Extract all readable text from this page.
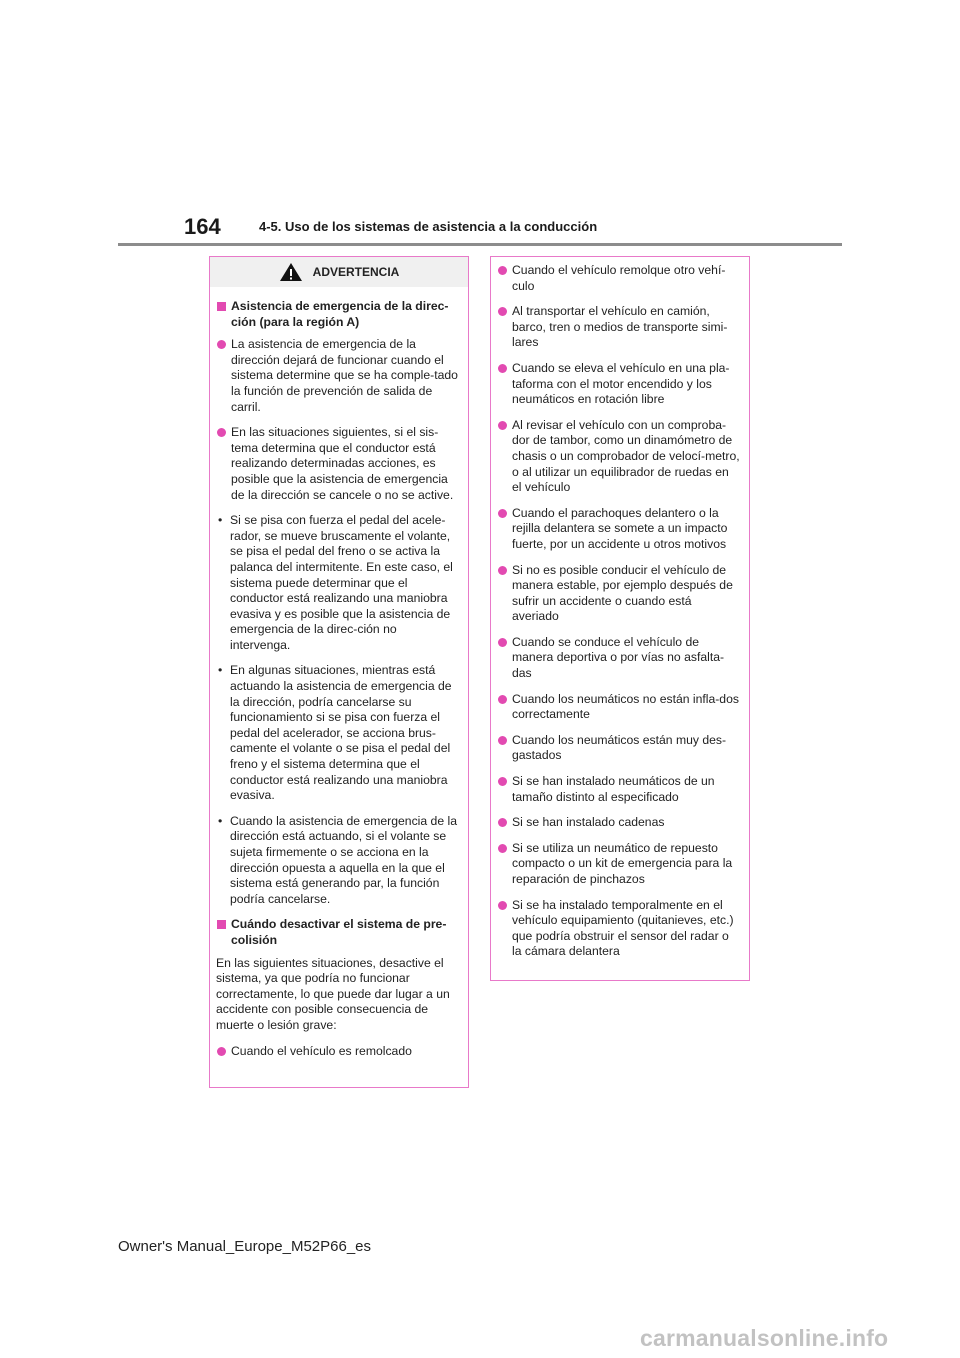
164	4-5. Uso de los sistemas de asistencia a la conducción
ADVERTENCIA
Asistencia de emergencia de la direc-ción (para la región A)
La asistencia de emergencia de la dirección dejará de funcionar cuando el sistema determine que se ha comple-tado la función de prevención de salida de carril.
En las situaciones siguientes, si el sis-tema determina que el conductor está realizando determinadas acciones, es posible que la asistencia de emergencia de la dirección se cancele o no se active.
• Si se pisa con fuerza el pedal del acele-rador, se mueve bruscamente el volante, se pisa el pedal del freno o se activa la palanca del intermitente. En este caso, el sistema puede determinar que el conductor está realizando una maniobra evasiva y es posible que la asistencia de emergencia de la direc-ción no intervenga.
• En algunas situaciones, mientras está actuando la asistencia de emergencia de la dirección, podría cancelarse su funcionamiento si se pisa con fuerza el pedal del acelerador, se acciona brus-camente el volante o se pisa el pedal del freno y el sistema determina que el conductor está realizando una maniobra evasiva.
• Cuando la asistencia de emergencia de la dirección está actuando, si el volante se sujeta firmemente o se acciona en la dirección opuesta a aquella en la que el sistema está generando par, la función podría cancelarse.
Cuándo desactivar el sistema de pre-colisión
En las siguientes situaciones, desactive el sistema, ya que podría no funcionar correctamente, lo que puede dar lugar a un accidente con posible consecuencia de muerte o lesión grave:
Cuando el vehículo es remolcado
Cuando el vehículo remolque otro vehí-culo
Al transportar el vehículo en camión, barco, tren o medios de transporte simi-lares
Cuando se eleva el vehículo en una pla-taforma con el motor encendido y los neumáticos en rotación libre
Al revisar el vehículo con un comproba-dor de tambor, como un dinamómetro de chasis o un comprobador de velocí-metro, o al utilizar un equilibrador de ruedas en el vehículo
Cuando el parachoques delantero o la rejilla delantera se somete a un impacto fuerte, por un accidente u otros motivos
Si no es posible conducir el vehículo de manera estable, por ejemplo después de sufrir un accidente o cuando está averiado
Cuando se conduce el vehículo de manera deportiva o por vías no asfalta-das
Cuando los neumáticos no están infla-dos correctamente
Cuando los neumáticos están muy des-gastados
Si se han instalado neumáticos de un tamaño distinto al especificado
Si se han instalado cadenas
Si se utiliza un neumático de repuesto compacto o un kit de emergencia para la reparación de pinchazos
Si se ha instalado temporalmente en el vehículo equipamiento (quitanieves, etc.) que podría obstruir el sensor del radar o la cámara delantera
Owner's Manual_Europe_M52P66_es
carmanualsonline.info
